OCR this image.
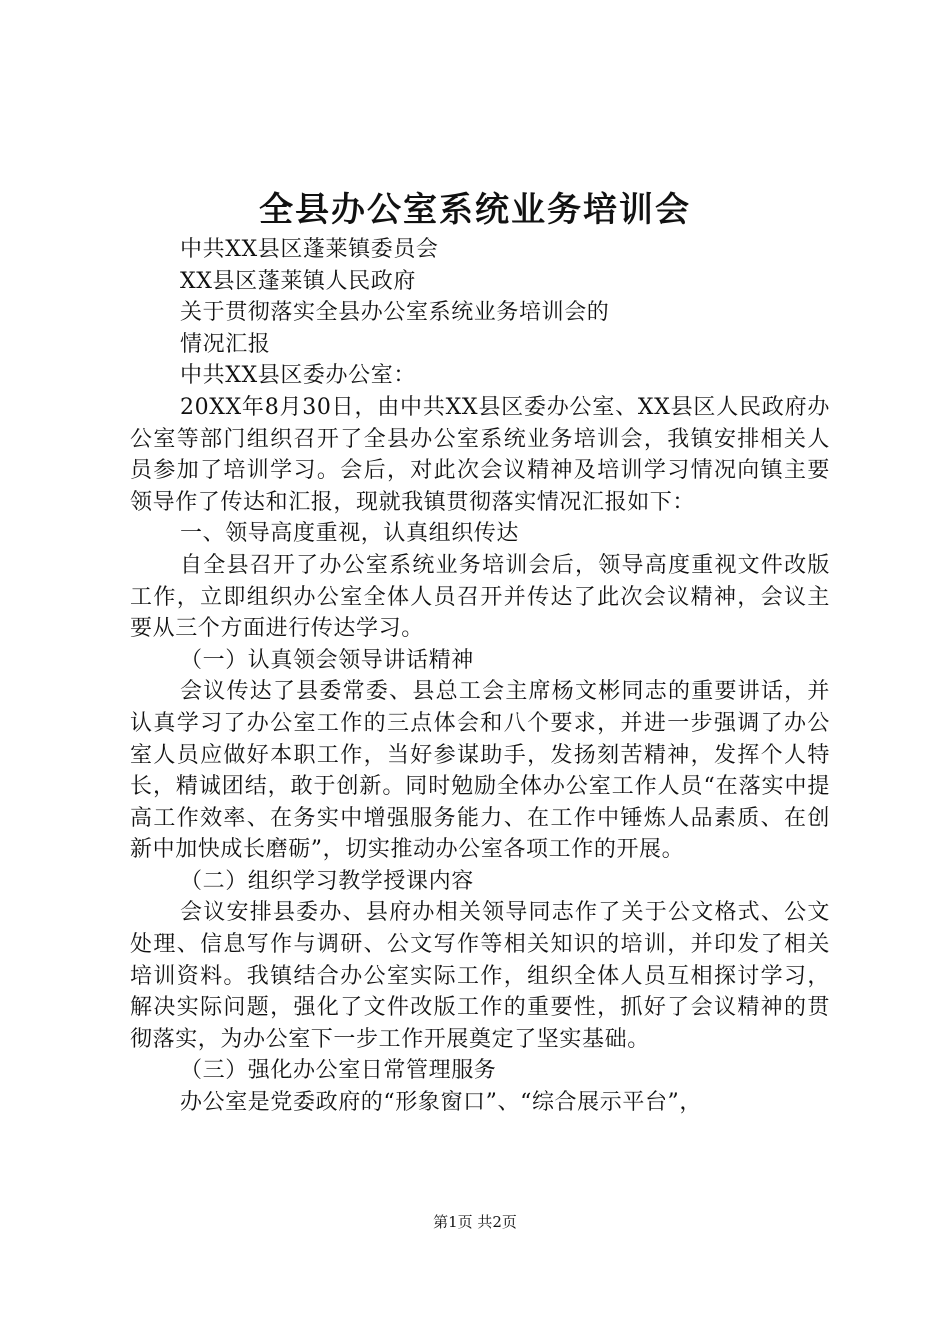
全县办公室系统业务培训会

中共XX县区蓬莱镇委员会

XX县区蓬莱镇人民政府

关于贯彻落实全县办公室系统业务培训会的

情况汇报

中共XX县区委办公室：

20XX年8月30日，由中共XX县区委办公室、XX县区人民政府办公室等部门组织召开了全县办公室系统业务培训会，我镇安排相关人员参加了培训学习。会后，对此次会议精神及培训学习情况向镇主要领导作了传达和汇报，现就我镇贯彻落实情况汇报如下：

一、领导高度重视，认真组织传达

自全县召开了办公室系统业务培训会后，领导高度重视文件改版工作，立即组织办公室全体人员召开并传达了此次会议精神，会议主要从三个方面进行传达学习。

（一）认真领会领导讲话精神

会议传达了县委常委、县总工会主席杨文彬同志的重要讲话，并认真学习了办公室工作的三点体会和八个要求，并进一步强调了办公室人员应做好本职工作，当好参谋助手，发扬刻苦精神，发挥个人特长，精诚团结，敢于创新。同时勉励全体办公室工作人员“在落实中提高工作效率、在务实中增强服务能力、在工作中锤炼人品素质、在创新中加快成长磨砺”，切实推动办公室各项工作的开展。

（二）组织学习教学授课内容

会议安排县委办、县府办相关领导同志作了关于公文格式、公文处理、信息写作与调研、公文写作等相关知识的培训，并印发了相关培训资料。我镇结合办公室实际工作，组织全体人员互相探讨学习，解决实际问题，强化了文件改版工作的重要性，抓好了会议精神的贯彻落实，为办公室下一步工作开展奠定了坚实基础。

（三）强化办公室日常管理服务

办公室是党委政府的“形象窗口”、“综合展示平台”，

第1页 共2页
